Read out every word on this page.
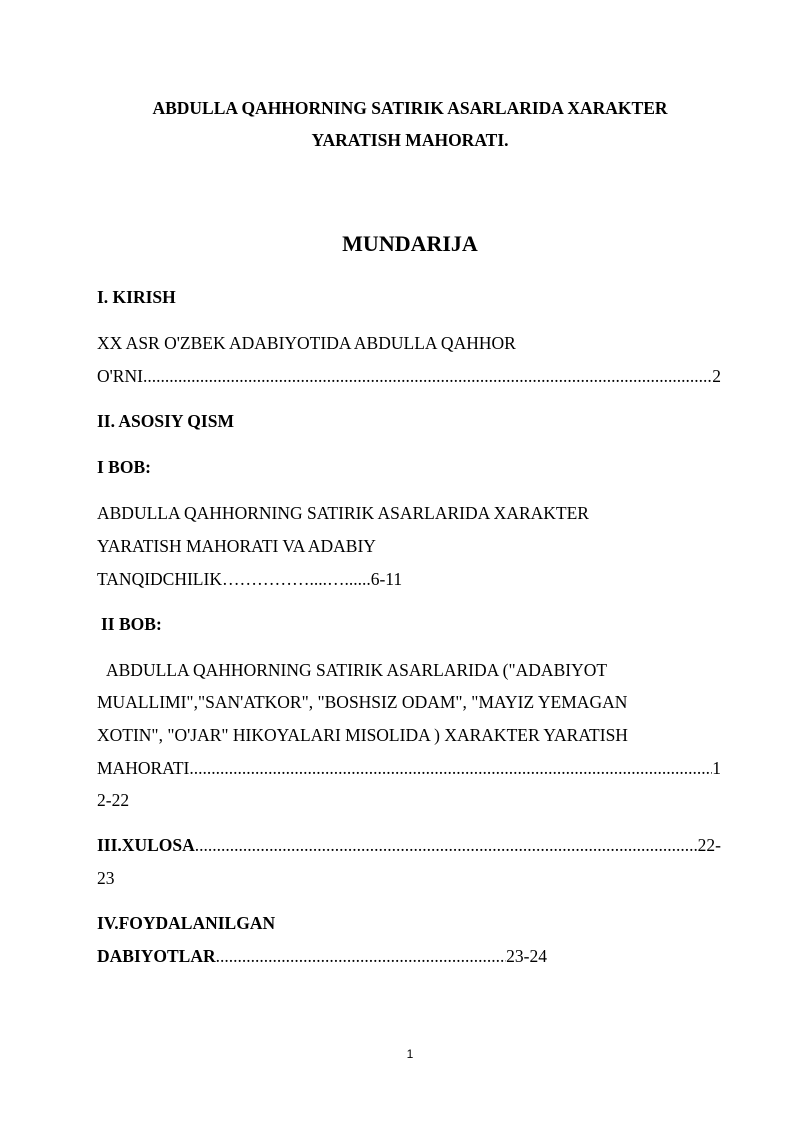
ABDULLA QAHHORNING SATIRIK ASARLARIDA XARAKTER
YARATISH MAHORATI.
MUNDARIJA
I. KIRISH
XX ASR O'ZBEK ADABIYOTIDA ABDULLA QAHHOR
O'RNI .....	2
II. ASOSIY QISM
I BOB:
ABDULLA QAHHORNING SATIRIK ASARLARIDA XARAKTER
YARATISH MAHORATI VA ADABIY
TANQIDCHILIK……………....…......6-11
II BOB:
ABDULLA QAHHORNING SATIRIK ASARLARIDA ("ADABIYOT
MUALLIMI","SAN'ATKOR", "BOSHSIZ ODAM", "MAYIZ YEMAGAN
XOTIN", "O'JAR" HIKOYALARI MISOLIDA ) XARAKTER YARATISH
MAHORATI .....	1
2-22
III.XULOSA .....	22-
23
IV.FOYDALANILGAN
DABIYOTLAR .....	23-24
1
